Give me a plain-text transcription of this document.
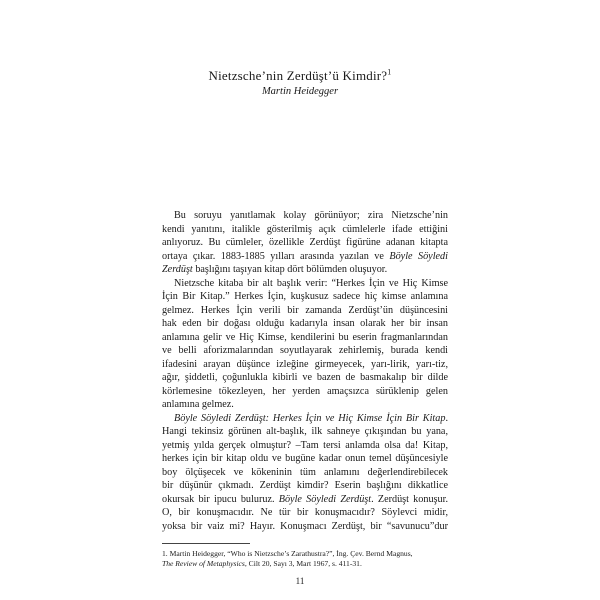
Nietzsche’nin Zerdüşt’ü Kimdir?$^1$
Martin Heidegger
Bu soruyu yanıtlamak kolay görünüyor; zira Nietzsche’nin
kendi yanıtını, italikle gösterilmiş açık cümlelerle ifade ettiğini
anlıyoruz. Bu cümleler, özellikle Zerdüşt figürüne adanan kitapta
ortaya çıkar. 1883-1885 yılları arasında yazılan ve Böyle Söyledi
Zerdüşt başlığını taşıyan kitap dört bölümden oluşuyor.
Nietzsche kitaba bir alt başlık verir: “Herkes İçin ve Hiç Kimse
İçin Bir Kitap.” Herkes İçin, kuşkusuz sadece hiç kimse anlamına
gelmez. Herkes İçin verili bir zamanda Zerdüşt’ün düşüncesini
hak eden bir doğası olduğu kadarıyla insan olarak her bir insan
anlamına gelir ve Hiç Kimse, kendilerini bu eserin fragmanlarından
ve belli aforizmalarından soyutlayarak zehirlemiş, burada kendi
ifadesini arayan düşünce izleğine girmeyecek, yarı-lirik, yarı-tiz,
ağır, şiddetli, çoğunlukla kibirli ve bazen de basmakalıp bir dilde
körlemesine tökezleyen, her yerden amaçsızca sürüklenip gelen
anlamına gelmez.
Böyle Söyledi Zerdüşt: Herkes İçin ve Hiç Kimse İçin Bir Kitap.
Hangi tekinsiz görünen alt-başlık, ilk sahneye çıkışından bu yana,
yetmiş yılda gerçek olmuştur? –Tam tersi anlamda olsa da! Kitap,
herkes için bir kitap oldu ve bugüne kadar onun temel düşüncesiyle
boy ölçüşecek ve kökeninin tüm anlamını değerlendirebilecek
bir düşünür çıkmadı. Zerdüşt kimdir? Eserin başlığını dikkatlice
okursak bir ipucu buluruz. Böyle Söyledi Zerdüşt. Zerdüşt konuşur.
O, bir konuşmacıdır. Ne tür bir konuşmacıdır? Söylevci midir,
yoksa bir vaiz mi? Hayır. Konuşmacı Zerdüşt, bir “savunucu”dur
1. Martin Heidegger, “Who is Nietzsche’s Zarathustra?”, İng. Çev. Bernd Magnus,
The Review of Metaphysics, Cilt 20, Sayı 3, Mart 1967, s. 411-31.
11
